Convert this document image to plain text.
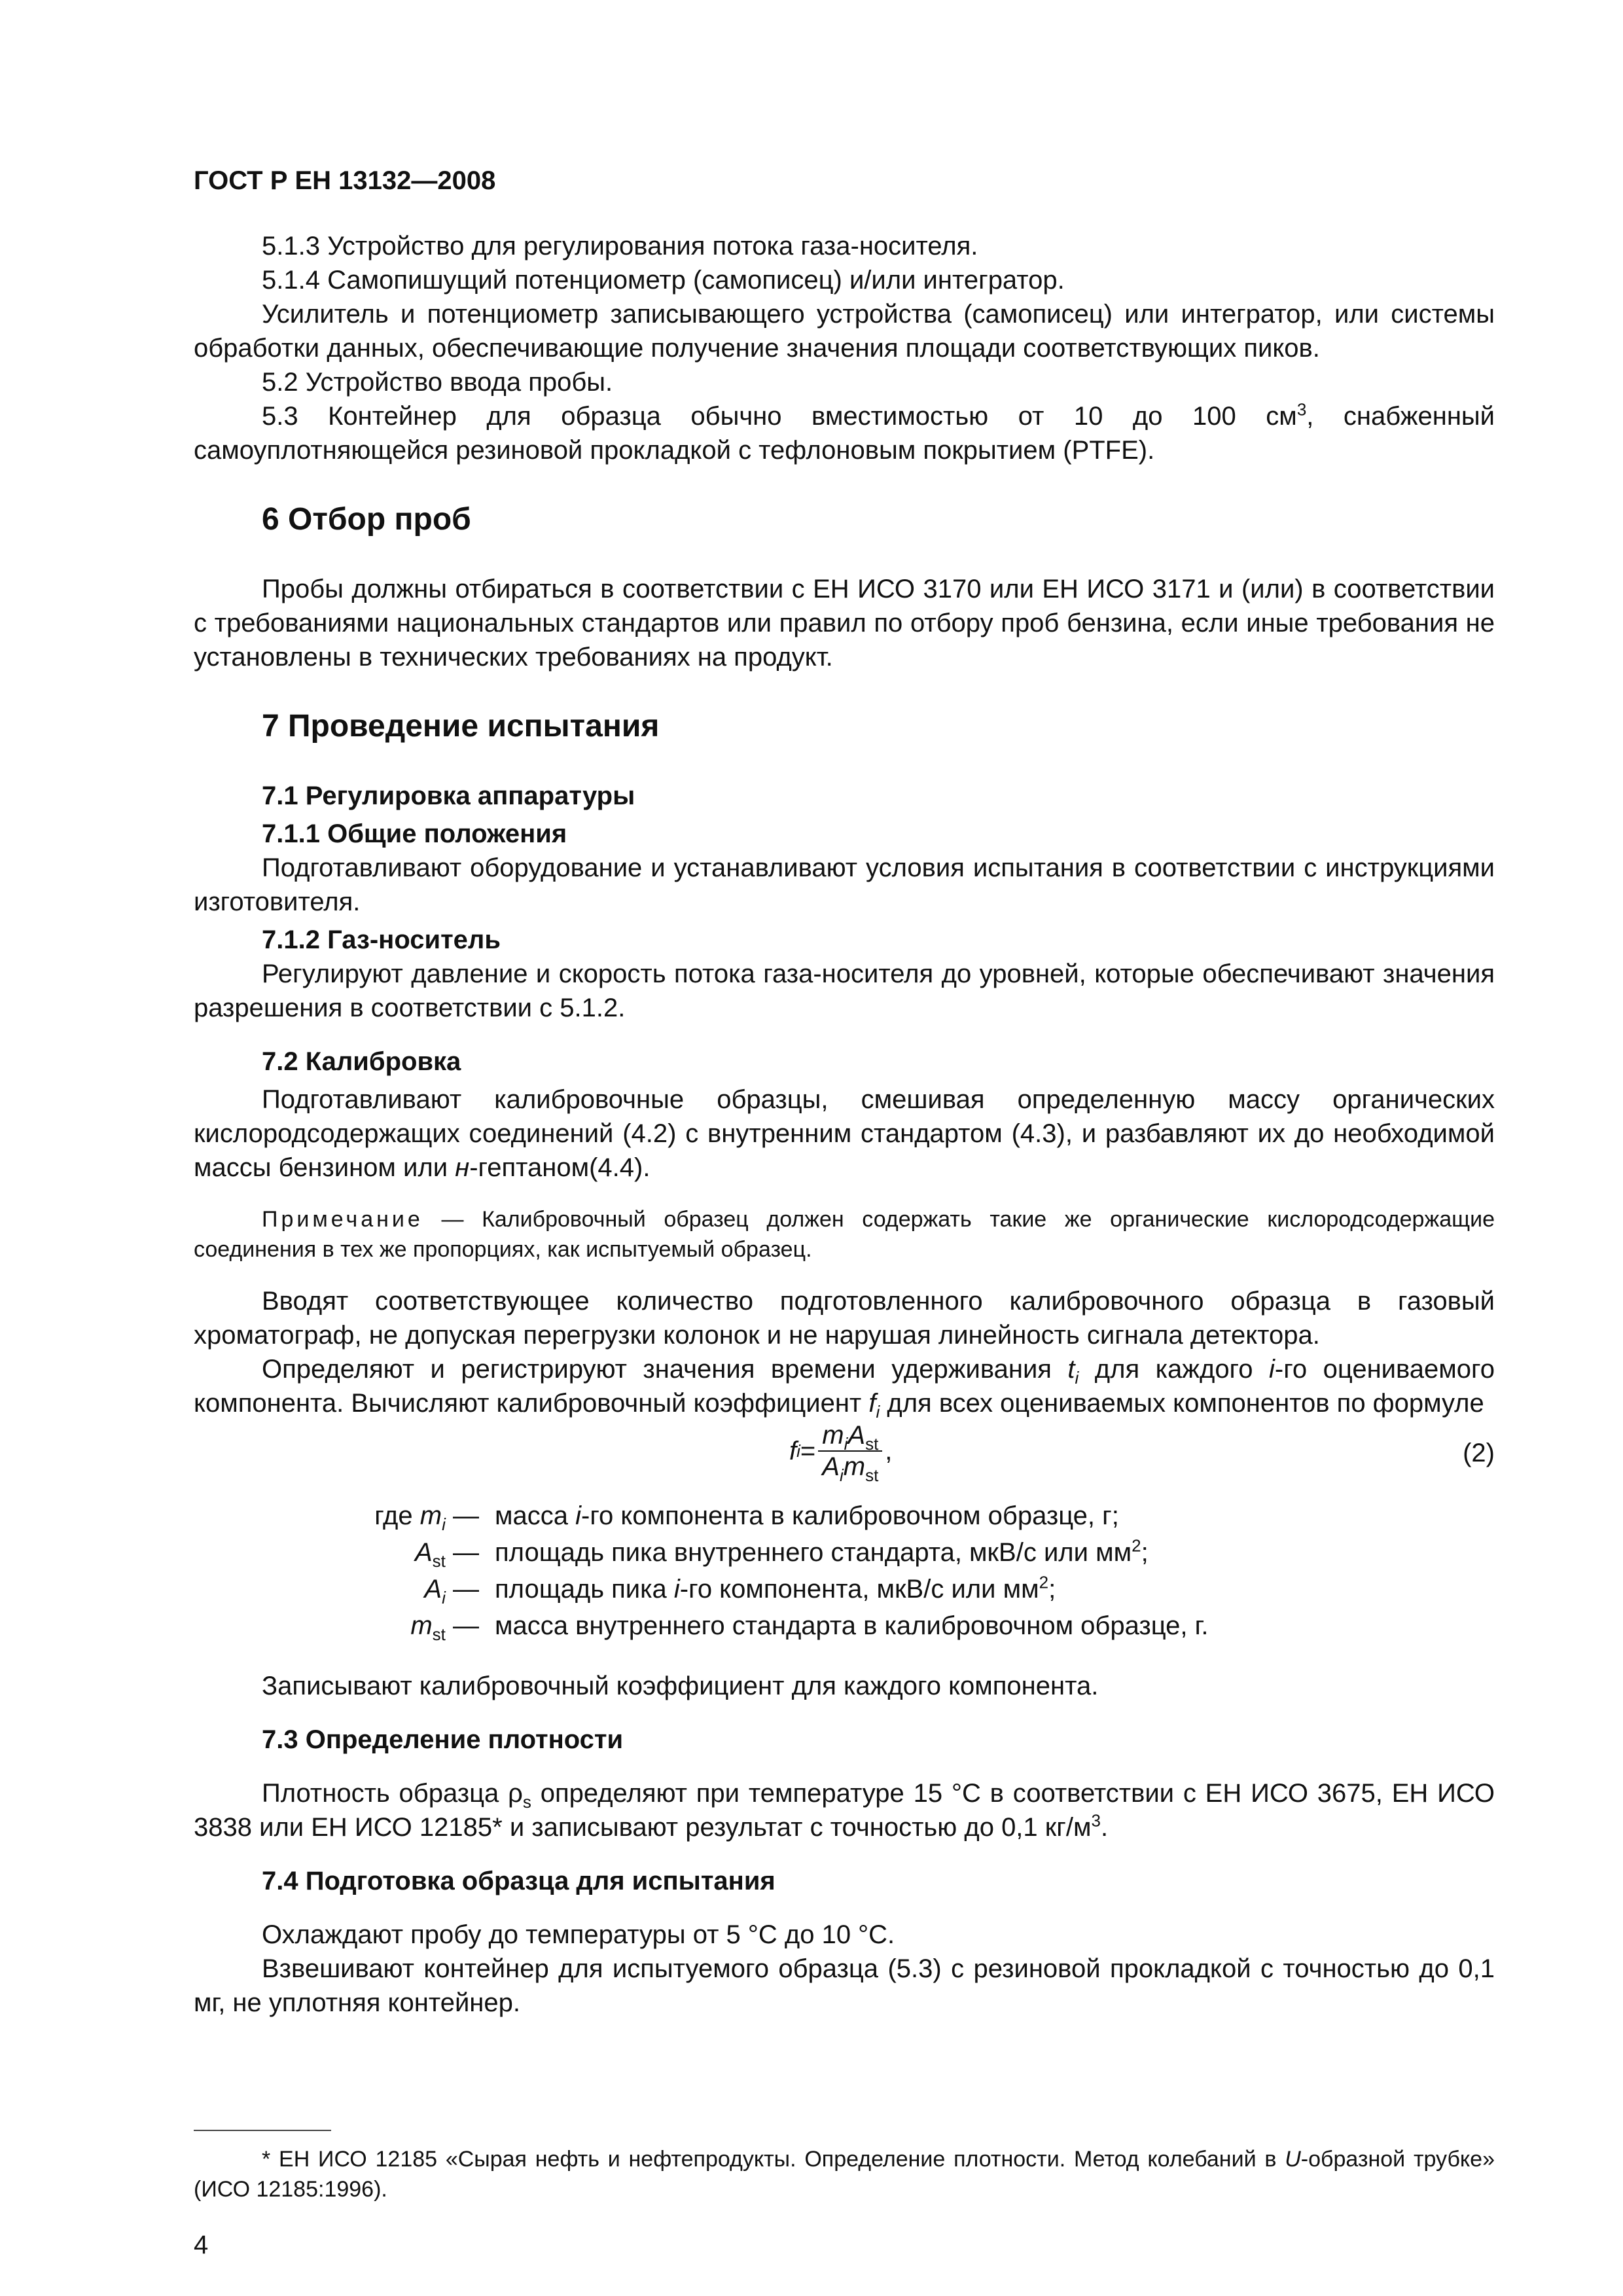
ГОСТ Р ЕН 13132—2008

5.1.3 Устройство для регулирования потока газа-носителя.

5.1.4 Самопишущий потенциометр (самописец) и/или интегратор.

Усилитель и потенциометр записывающего устройства (самописец) или интегратор, или системы обработки данных, обеспечивающие получение значения площади соответствующих пиков.

5.2 Устройство ввода пробы.

5.3 Контейнер для образца обычно вместимостью от 10 до 100 $см^3$, снабженный самоуплотняющейся резиновой прокладкой с тефлоновым покрытием (PTFE).

6 Отбор проб

Пробы должны отбираться в соответствии с ЕН ИСО 3170 или ЕН ИСО 3171 и (или) в соответствии с требованиями национальных стандартов или правил по отбору проб бензина, если иные требования не установлены в технических требованиях на продукт.

7 Проведение испытания
7.1 Регулировка аппаратуры
7.1.1 Общие положения

Подготавливают оборудование и устанавливают условия испытания в соответствии с инструкциями изготовителя.

7.1.2 Газ-носитель

Регулируют давление и скорость потока газа-носителя до уровней, которые обеспечивают значения разрешения в соответствии с 5.1.2.

7.2 Калибровка

Подготавливают калибровочные образцы, смешивая определенную массу органических кислородсодержащих соединений (4.2) с внутренним стандартом (4.3), и разбавляют их до необходимой массы бензином или н-гептаном(4.4).

Примечание — Калибровочный образец должен содержать такие же органические кислородсодержащие соединения в тех же пропорциях, как испытуемый образец.

Вводят соответствующее количество подготовленного калибровочного образца в газовый хроматограф, не допуская перегрузки колонок и не нарушая линейность сигнала детектора.

Определяют и регистрируют значения времени удерживания $t_i$ для каждого i-го оцениваемого компонента. Вычисляют калибровочный коэффициент $f_i$ для всех оцениваемых компонентов по формуле

f $i = \frac{m_iA_{st}}{A_im_{st}}$ ,	(2)
где $m_i$ — масса i-го компонента в калибровочном образце, г;
$A_{st}$ — площадь пика внутреннего стандарта, мкВ/с или $мм^2$;
$A_i$ — площадь пика i-го компонента, мкВ/с или $мм^2$;
$m_{st}$ — масса внутреннего стандарта в калибровочном образце, г.

Записывают калибровочный коэффициент для каждого компонента.

7.3 Определение плотности

Плотность образца $\rho_s$ определяют при температуре 15 °С в соответствии с ЕН ИСО 3675, ЕН ИСО 3838 или ЕН ИСО 12185* и записывают результат с точностью до 0,1 $кг/м^3$.

7.4 Подготовка образца для испытания

Охлаждают пробу до температуры от 5 °С до 10 °С.

Взвешивают контейнер для испытуемого образца (5.3) с резиновой прокладкой с точностью до 0,1 мг, не уплотняя контейнер.

* ЕН ИСО 12185 «Сырая нефть и нефтепродукты. Определение плотности. Метод колебаний в U-образной трубке» (ИСО 12185:1996).

4
